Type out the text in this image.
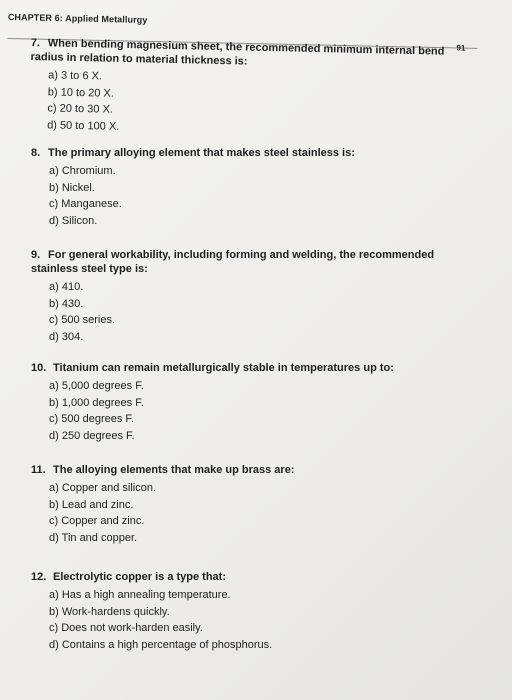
CHAPTER 6: Applied Metallurgy
91
7. When bending magnesium sheet, the recommended minimum internal bend radius in relation to material thickness is:
a) 3 to 6 X.
b) 10 to 20 X.
c) 20 to 30 X.
d) 50 to 100 X.
8. The primary alloying element that makes steel stainless is:
a) Chromium.
b) Nickel.
c) Manganese.
d) Silicon.
9. For general workability, including forming and welding, the recommended stainless steel type is:
a) 410.
b) 430.
c) 500 series.
d) 304.
10. Titanium can remain metallurgically stable in temperatures up to:
a) 5,000 degrees F.
b) 1,000 degrees F.
c) 500 degrees F.
d) 250 degrees F.
11. The alloying elements that make up brass are:
a) Copper and silicon.
b) Lead and zinc.
c) Copper and zinc.
d) Tin and copper.
12. Electrolytic copper is a type that:
a) Has a high annealing temperature.
b) Work-hardens quickly.
c) Does not work-harden easily.
d) Contains a high percentage of phosphorus.
